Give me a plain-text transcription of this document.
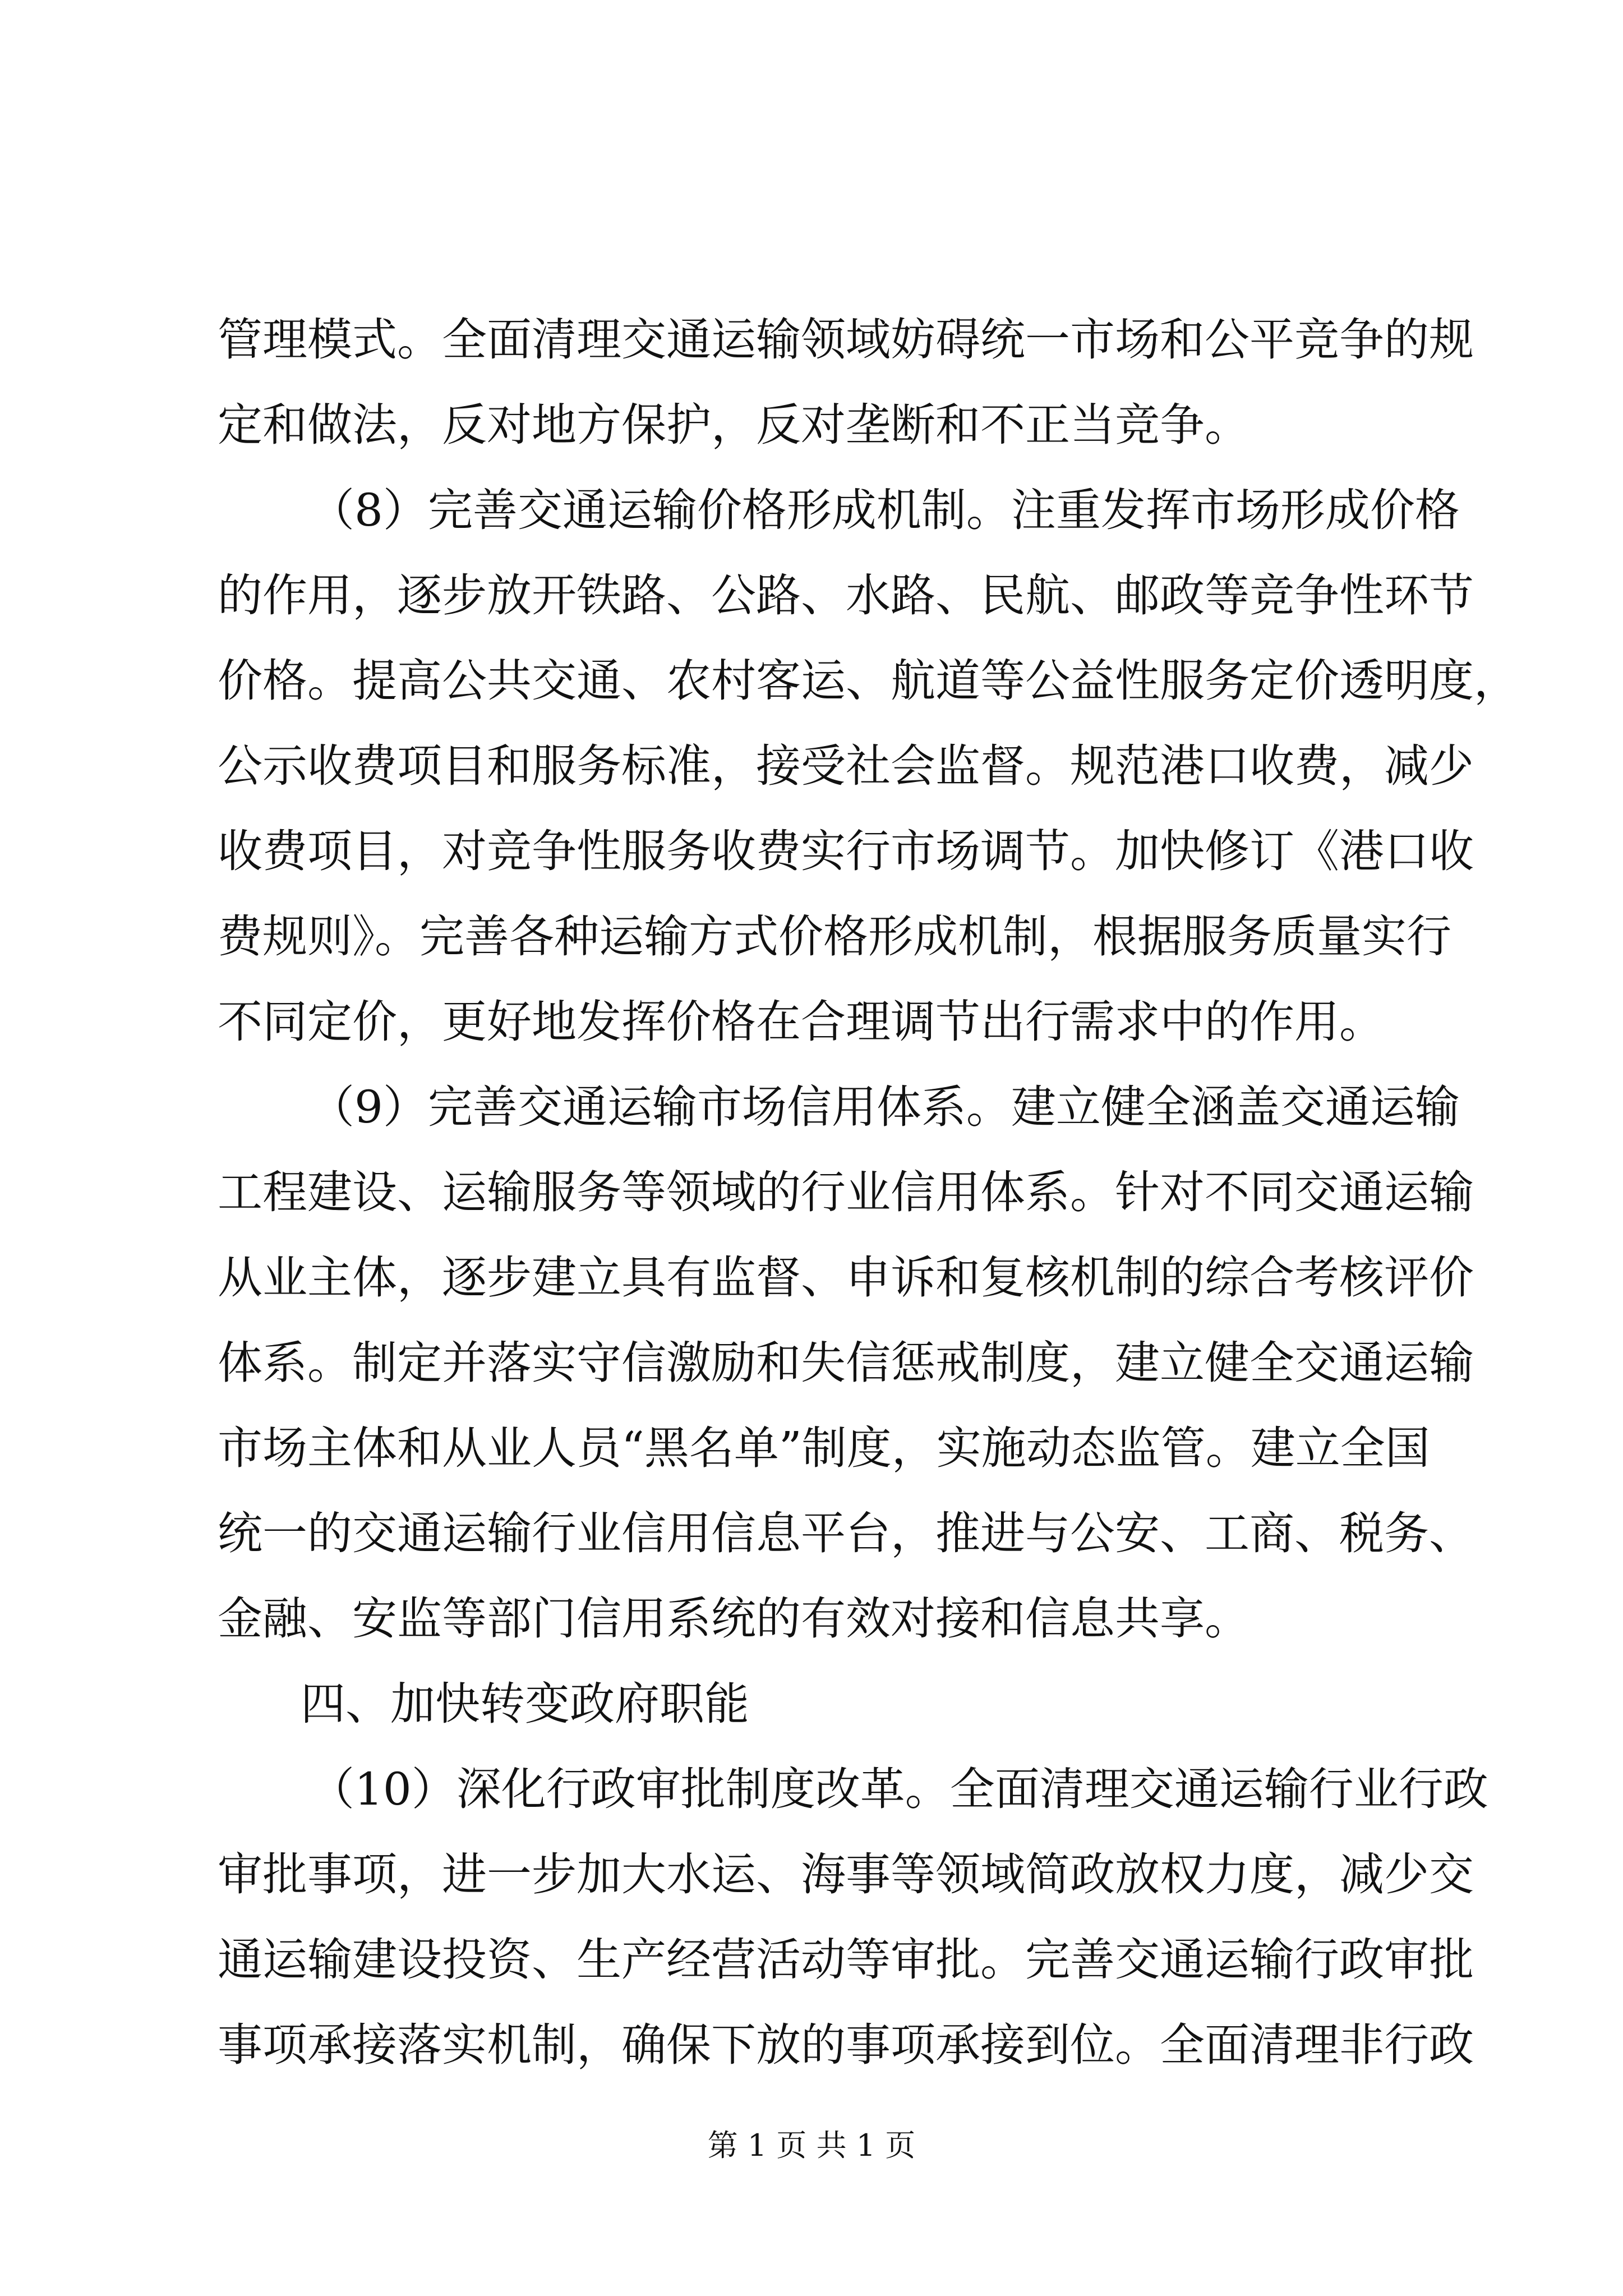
管理模式。全面清理交通运输领域妨碍统一市场和公平竞争的规
定和做法，反对地方保护，反对垄断和不正当竞争。
（8）完善交通运输价格形成机制。注重发挥市场形成价格
的作用，逐步放开铁路、公路、水路、民航、邮政等竞争性环节
价格。提高公共交通、农村客运、航道等公益性服务定价透明度，
公示收费项目和服务标准，接受社会监督。规范港口收费，减少
收费项目，对竞争性服务收费实行市场调节。加快修订《港口收
费规则》。完善各种运输方式价格形成机制，根据服务质量实行
不同定价，更好地发挥价格在合理调节出行需求中的作用。
（9）完善交通运输市场信用体系。建立健全涵盖交通运输
工程建设、运输服务等领域的行业信用体系。针对不同交通运输
从业主体，逐步建立具有监督、申诉和复核机制的综合考核评价
体系。制定并落实守信激励和失信惩戒制度，建立健全交通运输
市场主体和从业人员“黑名单”制度，实施动态监管。建立全国
统一的交通运输行业信用信息平台，推进与公安、工商、税务、
金融、安监等部门信用系统的有效对接和信息共享。
四、加快转变政府职能
（10）深化行政审批制度改革。全面清理交通运输行业行政
审批事项，进一步加大水运、海事等领域简政放权力度，减少交
通运输建设投资、生产经营活动等审批。完善交通运输行政审批
事项承接落实机制，确保下放的事项承接到位。全面清理非行政
第 1 页 共 1 页
